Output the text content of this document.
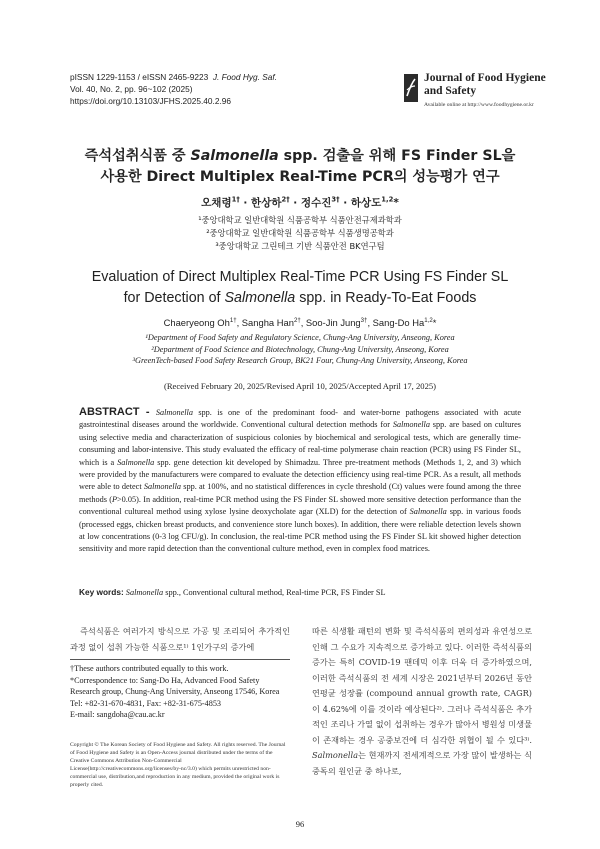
pISSN 1229-1153 / eISSN 2465-9223 J. Food Hyg. Saf.
Vol. 40, No. 2, pp. 96~102 (2025)
https://doi.org/10.13103/JFHS.2025.40.2.96
Journal of Food Hygiene
and Safety
Available online at http://www.foodhygiene.or.kr
즉석섭취식품 중 Salmonella spp. 검출을 위해 FS Finder SL을
사용한 Direct Multiplex Real-Time PCR의 성능평가 연구
오채령$^{1\dagger}$ · 한상하$^{2\dagger}$ · 정수진$^{3\dagger}$ · 하상도$^{1,2}$*
¹중앙대학교 일반대학원 식품공학부 식품안전규제과학과
²중앙대학교 일반대학원 식품공학부 식품생명공학과
³중앙대학교 그린테크 기반 식품안전 BK연구팀
Evaluation of Direct Multiplex Real-Time PCR Using FS Finder SL
for Detection of Salmonella spp. in Ready-To-Eat Foods
Chaeryeong $Oh^{1\dagger}$, Sangha Han$^{2\dagger}$, Soo-Jin Jung$^{3\dagger}$, Sang-Do Ha$^{1,2}$*
¹Department of Food Safety and Regulatory Science, Chung-Ang University, Anseong, Korea
²Department of Food Science and Biotechnology, Chung-Ang University, Anseong, Korea
³GreenTech-based Food Safety Research Group, BK21 Four, Chung-Ang University, Anseong, Korea
(Received February 20, 2025/Revised April 10, 2025/Accepted April 17, 2025)
ABSTRACT - Salmonella spp. is one of the predominant food- and water-borne pathogens associated with acute gastrointestinal diseases around the worldwide. Conventional cultural detection methods for Salmonella spp. are based on cultures using selective media and characterization of suspicious colonies by biochemical and serological tests, which are generally time-consuming and labor-intensive. This study evaluated the efficacy of real-time polymerase chain reaction (PCR) using FS Finder SL, which is a Salmonella spp. gene detection kit developed by Shimadzu. Three pre-treatment methods (Methods 1, 2, and 3) which were provided by the manufacturers were compared to evaluate the detection efficiency using real-time PCR. As a result, all methods were able to detect Salmonella spp. at 100%, and no statistical differences in cycle threshold (Ct) values were found among the three methods (P>0.05). In addition, real-time PCR method using the FS Finder SL showed more sensitive detection performance than the conventional cultureal method using xylose lysine deoxycholate agar (XLD) for the detection of Salmonella spp. in various foods (processed eggs, chicken breast products, and convenience store lunch boxes). In addition, there were reliable detection levels shown at low concentrations (0-3 log CFU/g). In conclusion, the real-time PCR method using the FS Finder SL kit showed higher detection sensitivity and more rapid detection than the conventional culture method, even in complex food matrices.
Key words: Salmonella spp., Conventional cultural method, Real-time PCR, FS Finder SL
즉석식품은 여러가지 방식으로 가공 및 조리되어 추가적인 과정 없이 섭취 가능한 식품으로¹⁾ 1인가구의 증가에
†These authors contributed equally to this work.
*Correspondence to: Sang-Do Ha, Advanced Food Safety Research group, Chung-Ang University, Anseong 17546, Korea
Tel: +82-31-670-4831, Fax: +82-31-675-4853
E-mail: sangdoha@cau.ac.kr
Copyright © The Korean Society of Food Hygiene and Safety. All rights reserved. The Journal of Food Hygiene and Safety is an Open-Access journal distributed under the terms of the Creative Commons Attribution Non-Commercial License(http://creativecommons.org/licenses/by-nc/3.0) which permits unrestricted non-commercial use, distribution,and reproduction in any medium, provided the original work is properly cited.
따른 식생활 패턴의 변화 및 즉석식품의 편의성과 유연성으로 인해 그 수요가 지속적으로 증가하고 있다. 이러한 즉석식품의 증가는 특히 COVID-19 팬데믹 이후 더욱 더 증가하였으며, 이러한 즉석식품의 전 세계 시장은 2021년부터 2026년 동안 연평균 성장률 (compound annual growth rate, CAGR)이 4.62%에 이를 것이라 예상된다²⁾. 그러나 즉석식품은 추가적인 조리나 가열 없이 섭취하는 경우가 많아서 병원성 미생물이 존재하는 경우 공중보건에 더 심각한 위협이 될 수 있다³⁾. Salmonella는 현재까지 전세계적으로 가장 많이 발생하는 식중독의 원인균 중 하나로,
96
